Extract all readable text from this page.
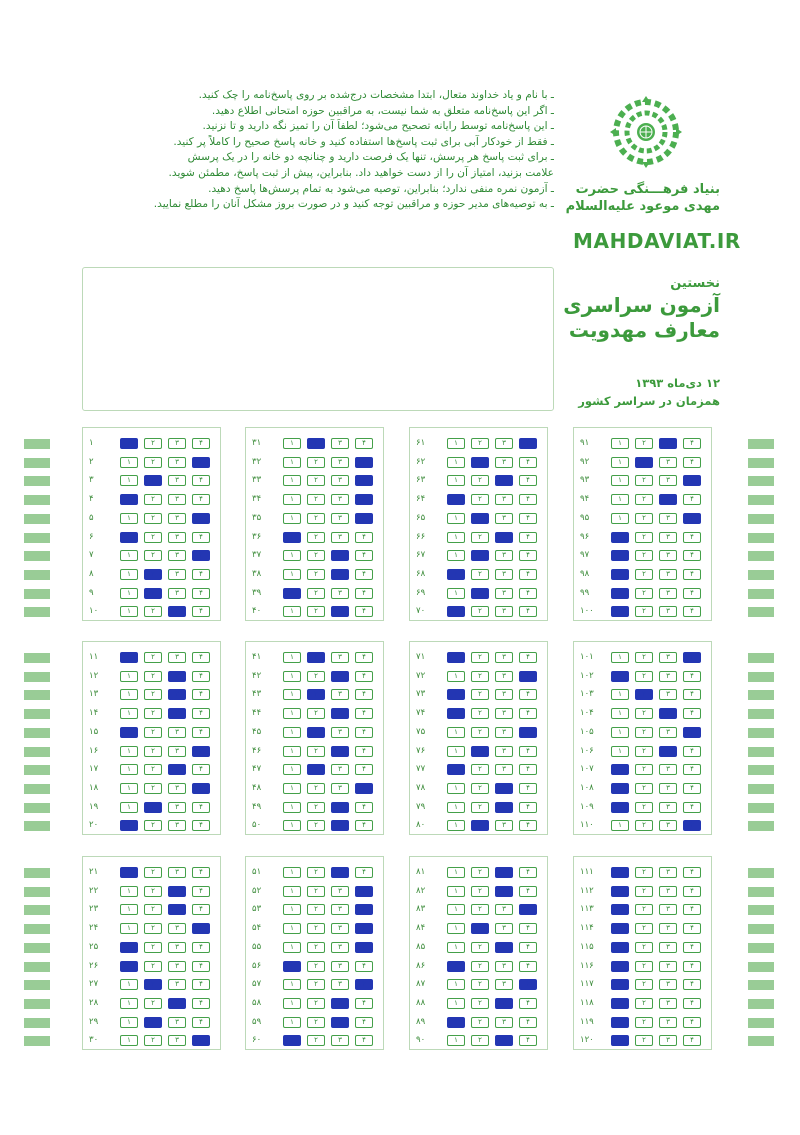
ـ با نام و یاد خداوند متعال، ابتدا مشخصات درج‌شده بر روی پاسخ‌نامه را چک کنید.
ـ اگر این پاسخ‌نامه متعلق به شما نیست، به مراقبین حوزه امتحانی اطلاع دهید.
ـ این پاسخ‌نامه توسط رایانه تصحیح می‌شود؛ لطفاً آن را تمیز نگه دارید و تا نزنید.
ـ فقط از خودکار آبی برای ثبت پاسخ‌ها استفاده کنید و خانه پاسخ صحیح را کاملاً پر کنید.
ـ برای ثبت پاسخ هر پرسش، تنها یک فرصت دارید و چنانچه دو خانه را در یک پرسش
علامت بزنید، امتیاز آن را از دست خواهید داد. بنابراین، پیش از ثبت پاسخ، مطمئن شوید.
ـ آزمون نمره منفی ندارد؛ بنابراین، توصیه می‌شود به تمام پرسش‌ها پاسخ دهید.
ـ به توصیه‌های مدیر حوزه و مراقبین توجه کنید و در صورت بروز مشکل آنان را مطلع نمایید.
بنیاد فرهـــنگی حضرت
مهدی موعود علیه‌السلام
MAHDAVIAT.IR
نخستین
آزمون سراسری
معارف مهدویت
۱۲ دی‌ماه ۱۳۹۳
همزمان در سراسر کشور
۱	۱	۲	۳	۴
۲	۱	۲	۳	۴
۳	۱	۲	۳	۴
۴	۱	۲	۳	۴
۵	۱	۲	۳	۴
۶	۱	۲	۳	۴
۷	۱	۲	۳	۴
۸	۱	۲	۳	۴
۹	۱	۲	۳	۴
۱۰	۱	۲	۳	۴
۱۱	۱	۲	۳	۴
۱۲	۱	۲	۳	۴
۱۳	۱	۲	۳	۴
۱۴	۱	۲	۳	۴
۱۵	۱	۲	۳	۴
۱۶	۱	۲	۳	۴
۱۷	۱	۲	۳	۴
۱۸	۱	۲	۳	۴
۱۹	۱	۲	۳	۴
۲۰	۱	۲	۳	۴
۲۱	۱	۲	۳	۴
۲۲	۱	۲	۳	۴
۲۳	۱	۲	۳	۴
۲۴	۱	۲	۳	۴
۲۵	۱	۲	۳	۴
۲۶	۱	۲	۳	۴
۲۷	۱	۲	۳	۴
۲۸	۱	۲	۳	۴
۲۹	۱	۲	۳	۴
۳۰	۱	۲	۳	۴
۳۱	۱	۲	۳	۴
۳۲	۱	۲	۳	۴
۳۳	۱	۲	۳	۴
۳۴	۱	۲	۳	۴
۳۵	۱	۲	۳	۴
۳۶	۱	۲	۳	۴
۳۷	۱	۲	۳	۴
۳۸	۱	۲	۳	۴
۳۹	۱	۲	۳	۴
۴۰	۱	۲	۳	۴
۴۱	۱	۲	۳	۴
۴۲	۱	۲	۳	۴
۴۳	۱	۲	۳	۴
۴۴	۱	۲	۳	۴
۴۵	۱	۲	۳	۴
۴۶	۱	۲	۳	۴
۴۷	۱	۲	۳	۴
۴۸	۱	۲	۳	۴
۴۹	۱	۲	۳	۴
۵۰	۱	۲	۳	۴
۵۱	۱	۲	۳	۴
۵۲	۱	۲	۳	۴
۵۳	۱	۲	۳	۴
۵۴	۱	۲	۳	۴
۵۵	۱	۲	۳	۴
۵۶	۱	۲	۳	۴
۵۷	۱	۲	۳	۴
۵۸	۱	۲	۳	۴
۵۹	۱	۲	۳	۴
۶۰	۱	۲	۳	۴
۶۱	۱	۲	۳	۴
۶۲	۱	۲	۳	۴
۶۳	۱	۲	۳	۴
۶۴	۱	۲	۳	۴
۶۵	۱	۲	۳	۴
۶۶	۱	۲	۳	۴
۶۷	۱	۲	۳	۴
۶۸	۱	۲	۳	۴
۶۹	۱	۲	۳	۴
۷۰	۱	۲	۳	۴
۷۱	۱	۲	۳	۴
۷۲	۱	۲	۳	۴
۷۳	۱	۲	۳	۴
۷۴	۱	۲	۳	۴
۷۵	۱	۲	۳	۴
۷۶	۱	۲	۳	۴
۷۷	۱	۲	۳	۴
۷۸	۱	۲	۳	۴
۷۹	۱	۲	۳	۴
۸۰	۱	۲	۳	۴
۸۱	۱	۲	۳	۴
۸۲	۱	۲	۳	۴
۸۳	۱	۲	۳	۴
۸۴	۱	۲	۳	۴
۸۵	۱	۲	۳	۴
۸۶	۱	۲	۳	۴
۸۷	۱	۲	۳	۴
۸۸	۱	۲	۳	۴
۸۹	۱	۲	۳	۴
۹۰	۱	۲	۳	۴
۹۱	۱	۲	۳	۴
۹۲	۱	۲	۳	۴
۹۳	۱	۲	۳	۴
۹۴	۱	۲	۳	۴
۹۵	۱	۲	۳	۴
۹۶	۱	۲	۳	۴
۹۷	۱	۲	۳	۴
۹۸	۱	۲	۳	۴
۹۹	۱	۲	۳	۴
۱۰۰	۱	۲	۳	۴
۱۰۱	۱	۲	۳	۴
۱۰۲	۱	۲	۳	۴
۱۰۳	۱	۲	۳	۴
۱۰۴	۱	۲	۳	۴
۱۰۵	۱	۲	۳	۴
۱۰۶	۱	۲	۳	۴
۱۰۷	۱	۲	۳	۴
۱۰۸	۱	۲	۳	۴
۱۰۹	۱	۲	۳	۴
۱۱۰	۱	۲	۳	۴
۱۱۱	۱	۲	۳	۴
۱۱۲	۱	۲	۳	۴
۱۱۳	۱	۲	۳	۴
۱۱۴	۱	۲	۳	۴
۱۱۵	۱	۲	۳	۴
۱۱۶	۱	۲	۳	۴
۱۱۷	۱	۲	۳	۴
۱۱۸	۱	۲	۳	۴
۱۱۹	۱	۲	۳	۴
۱۲۰	۱	۲	۳	۴
